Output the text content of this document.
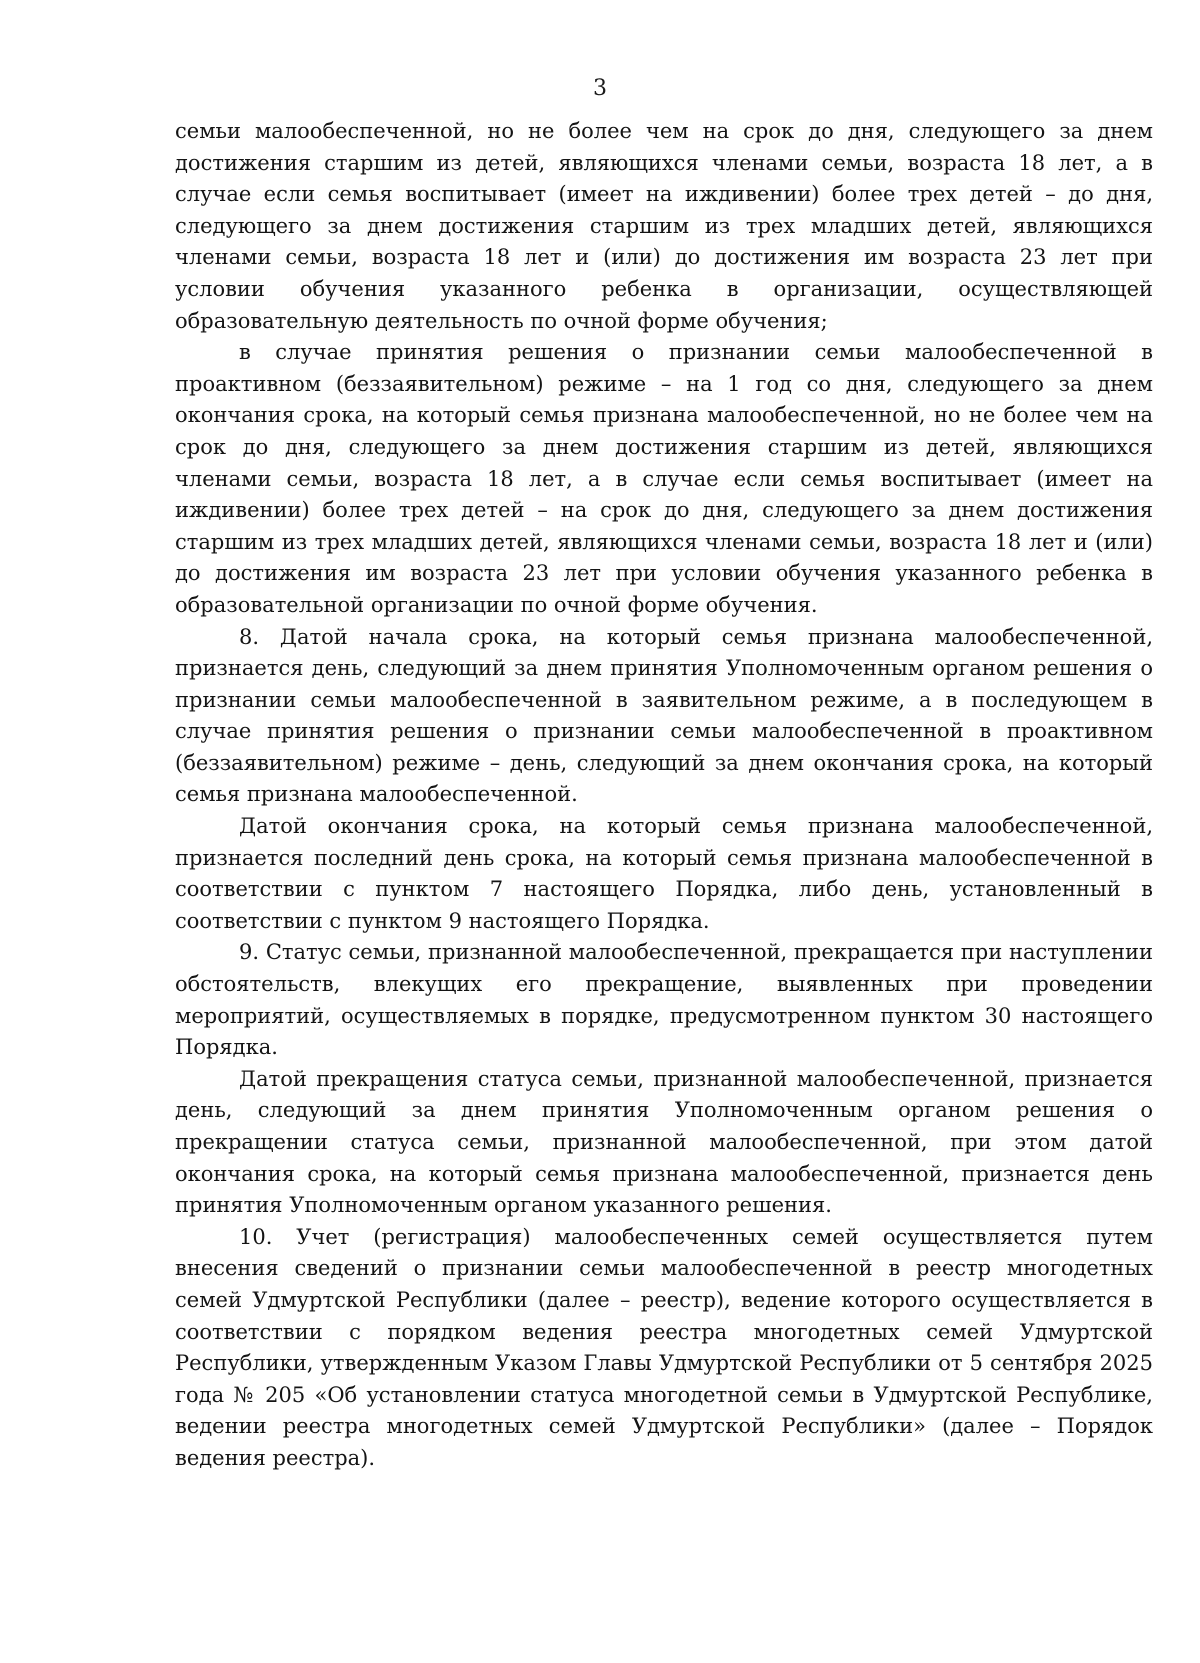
3

семьи малообеспеченной, но не более чем на срок до дня, следующего за днем достижения старшим из детей, являющихся членами семьи, возраста 18 лет, а в случае если семья воспитывает (имеет на иждивении) более трех детей – до дня, следующего за днем достижения старшим из трех младших детей, являющихся членами семьи, возраста 18 лет и (или) до достижения им возраста 23 лет при условии обучения указанного ребенка в организации, осуществляющей образовательную деятельность по очной форме обучения;

в случае принятия решения о признании семьи малообеспеченной в проактивном (беззаявительном) режиме – на 1 год со дня, следующего за днем окончания срока, на который семья признана малообеспеченной, но не более чем на срок до дня, следующего за днем достижения старшим из детей, являющихся членами семьи, возраста 18 лет, а в случае если семья воспитывает (имеет на иждивении) более трех детей – на срок до дня, следующего за днем достижения старшим из трех младших детей, являющихся членами семьи, возраста 18 лет и (или) до достижения им возраста 23 лет при условии обучения указанного ребенка в образовательной организации по очной форме обучения.

8. Датой начала срока, на который семья признана малообеспеченной, признается день, следующий за днем принятия Уполномоченным органом решения о признании семьи малообеспеченной в заявительном режиме, а в последующем в случае принятия решения о признании семьи малообеспеченной в проактивном (беззаявительном) режиме – день, следующий за днем окончания срока, на который семья признана малообеспеченной.

Датой окончания срока, на который семья признана малообеспеченной, признается последний день срока, на который семья признана малообеспеченной в соответствии с пунктом 7 настоящего Порядка, либо день, установленный в соответствии с пунктом 9 настоящего Порядка.

9. Статус семьи, признанной малообеспеченной, прекращается при наступлении обстоятельств, влекущих его прекращение, выявленных при проведении мероприятий, осуществляемых в порядке, предусмотренном пунктом 30 настоящего Порядка.

Датой прекращения статуса семьи, признанной малообеспеченной, признается день, следующий за днем принятия Уполномоченным органом решения о прекращении статуса семьи, признанной малообеспеченной, при этом датой окончания срока, на который семья признана малообеспеченной, признается день принятия Уполномоченным органом указанного решения.

10. Учет (регистрация) малообеспеченных семей осуществляется путем внесения сведений о признании семьи малообеспеченной в реестр многодетных семей Удмуртской Республики (далее – реестр), ведение которого осуществляется в соответствии с порядком ведения реестра многодетных семей Удмуртской Республики, утвержденным Указом Главы Удмуртской Республики от 5 сентября 2025 года № 205 «Об установлении статуса многодетной семьи в Удмуртской Республике, ведении реестра многодетных семей Удмуртской Республики» (далее – Порядок ведения реестра).
